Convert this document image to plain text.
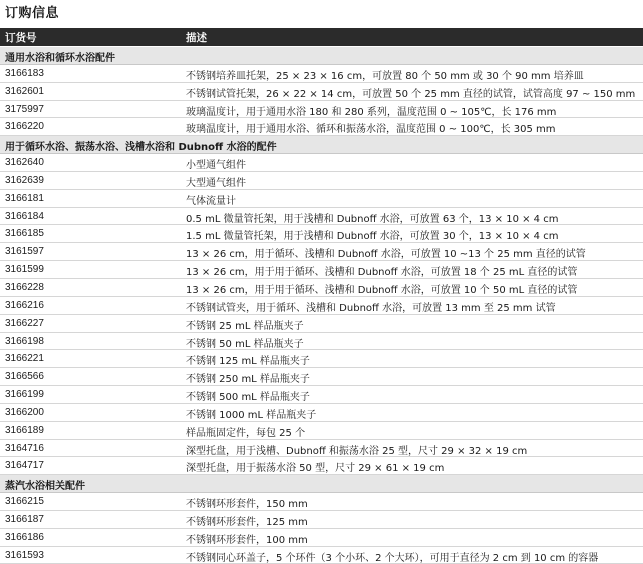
订购信息
订货号	描述
通用水浴和循环水浴配件
3166183	不锈钢培养皿托架，25 × 23 × 16 cm，可放置 80 个 50 mm 或 30 个 90 mm 培养皿
3162601	不锈钢试管托架，26 × 22 × 14 cm，可放置 50 个 25 mm 直径的试管，试管高度 97 ~ 150 mm
3175997	玻璃温度计，用于通用水浴 180 和 280 系列，温度范围 0 ~ 105℃，长 176 mm
3166220	玻璃温度计，用于通用水浴、循环和振荡水浴，温度范围 0 ~ 100℃，长 305 mm
用于循环水浴、振荡水浴、浅槽水浴和 Dubnoff 水浴的配件
3162640	小型通气组件
3162639	大型通气组件
3166181	气体流量计
3166184	0.5 mL 微量管托架，用于浅槽和 Dubnoff 水浴，可放置 63 个，13 × 10 × 4 cm
3166185	1.5 mL 微量管托架，用于浅槽和 Dubnoff 水浴，可放置 30 个，13 × 10 × 4 cm
3161597	13 × 26 cm，用于循环、浅槽和 Dubnoff 水浴，可放置 10 ~13 个 25 mm 直径的试管
3161599	13 × 26 cm，用于用于循环、浅槽和 Dubnoff 水浴，可放置 18 个 25 mL 直径的试管
3166228	13 × 26 cm，用于用于循环、浅槽和 Dubnoff 水浴，可放置 10 个 50 mL 直径的试管
3166216	不锈钢试管夹，用于循环、浅槽和 Dubnoff 水浴，可放置 13 mm 至 25 mm 试管
3166227	不锈钢 25 mL 样品瓶夹子
3166198	不锈钢 50 mL 样品瓶夹子
3166221	不锈钢 125 mL 样品瓶夹子
3166566	不锈钢 250 mL 样品瓶夹子
3166199	不锈钢 500 mL 样品瓶夹子
3166200	不锈钢 1000 mL 样品瓶夹子
3166189	样品瓶固定件，每包 25 个
3164716	深型托盘，用于浅槽、Dubnoff 和振荡水浴 25 型，尺寸 29 × 32 × 19 cm
3164717	深型托盘，用于振荡水浴 50 型，尺寸 29 × 61 × 19 cm
蒸汽水浴相关配件
3166215	不锈钢环形套件，150 mm
3166187	不锈钢环形套件，125 mm
3166186	不锈钢环形套件，100 mm
3161593	不锈钢同心环盖子，5 个环件（3 个小环、2 个大环），可用于直径为 2 cm 到 10 cm 的容器
